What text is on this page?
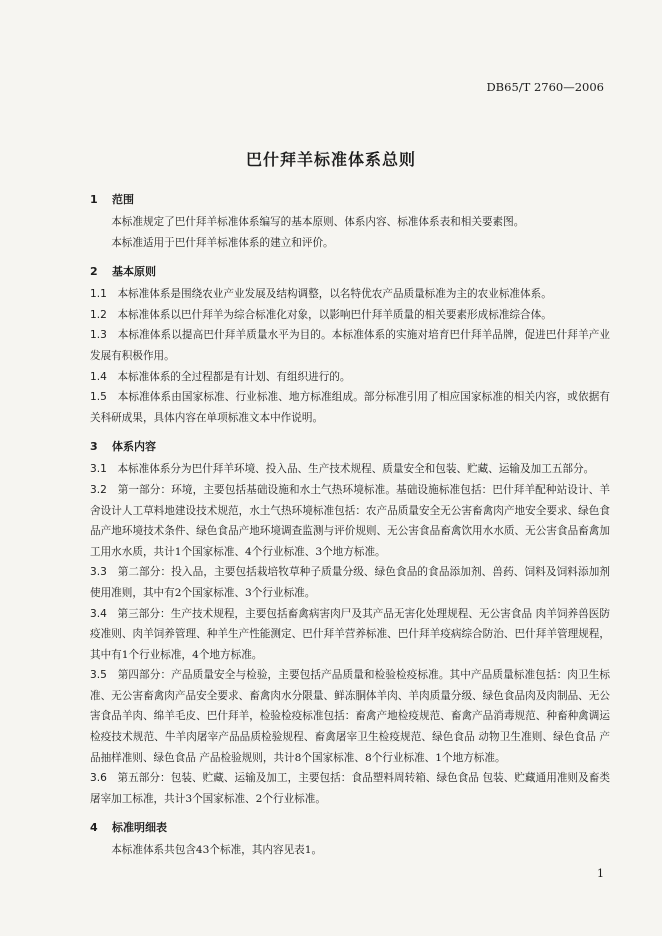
DB65/T 2760—2006
巴什拜羊标准体系总则
1 范围

本标准规定了巴什拜羊标准体系编写的基本原则、体系内容、标准体系表和相关要素图。

本标准适用于巴什拜羊标准体系的建立和评价。

2 基本原则

1.1　 本标准体系是围绕农业产业发展及结构调整，以名特优农产品质量标准为主的农业标准体系。

1.2　 本标准体系以巴什拜羊为综合标准化对象，以影响巴什拜羊质量的相关要素形成标准综合体。

1.3　 本标准体系以提高巴什拜羊质量水平为目的。本标准体系的实施对培育巴什拜羊品牌，促进巴什拜羊产业发展有积极作用。

1.4　 本标准体系的全过程都是有计划、有组织进行的。

1.5　 本标准体系由国家标准、行业标准、地方标准组成。部分标准引用了相应国家标准的相关内容，或依据有关科研成果，具体内容在单项标准文本中作说明。

3 体系内容

3.1　 本标准体系分为巴什拜羊环境、投入品、生产技术规程、质量安全和包装、贮藏、运输及加工五部分。

3.2　 第一部分：环境，主要包括基础设施和水土气热环境标准。基础设施标准包括：巴什拜羊配种站设计、羊舍设计人工草料地建设技术规范，水土气热环境标准包括：农产品质量安全无公害畜禽肉产地安全要求、绿色食品产地环境技术条件、绿色食品产地环境调查监测与评价规则、无公害食品畜禽饮用水水质、无公害食品畜禽加工用水水质，共计1个国家标准、4个行业标准、3个地方标准。

3.3　 第二部分：投入品，主要包括栽培牧草种子质量分级、绿色食品的食品添加剂、兽药、饲料及饲料添加剂使用准则，其中有2个国家标准、3个行业标准。

3.4　 第三部分：生产技术规程，主要包括畜禽病害肉尸及其产品无害化处理规程、无公害食品 肉羊饲养兽医防疫准则、肉羊饲养管理、种羊生产性能测定、巴什拜羊营养标准、巴什拜羊疫病综合防治、巴什拜羊管理规程，其中有1个行业标准，4个地方标准。

3.5　 第四部分：产品质量安全与检验，主要包括产品质量和检验检疫标准。其中产品质量标准包括：肉卫生标准、无公害畜禽肉产品安全要求、畜禽肉水分限量、鲜冻胴体羊肉、羊肉质量分级、绿色食品肉及肉制品、无公害食品羊肉、绵羊毛皮、巴什拜羊，检验检疫标准包括：畜禽产地检疫规范、畜禽产品消毒规范、种畜种禽调运检疫技术规范、牛羊肉屠宰产品品质检验规程、畜禽屠宰卫生检疫规范、绿色食品 动物卫生准则、绿色食品 产品抽样准则、绿色食品 产品检验规则，共计8个国家标准、8个行业标准、1个地方标准。

3.6　 第五部分：包装、贮藏、运输及加工，主要包括：食品塑料周转箱、绿色食品 包装、贮藏通用准则及畜类屠宰加工标准，共计3个国家标准、2个行业标准。

4 标准明细表

本标准体系共包含43个标准，其内容见表1。

1
